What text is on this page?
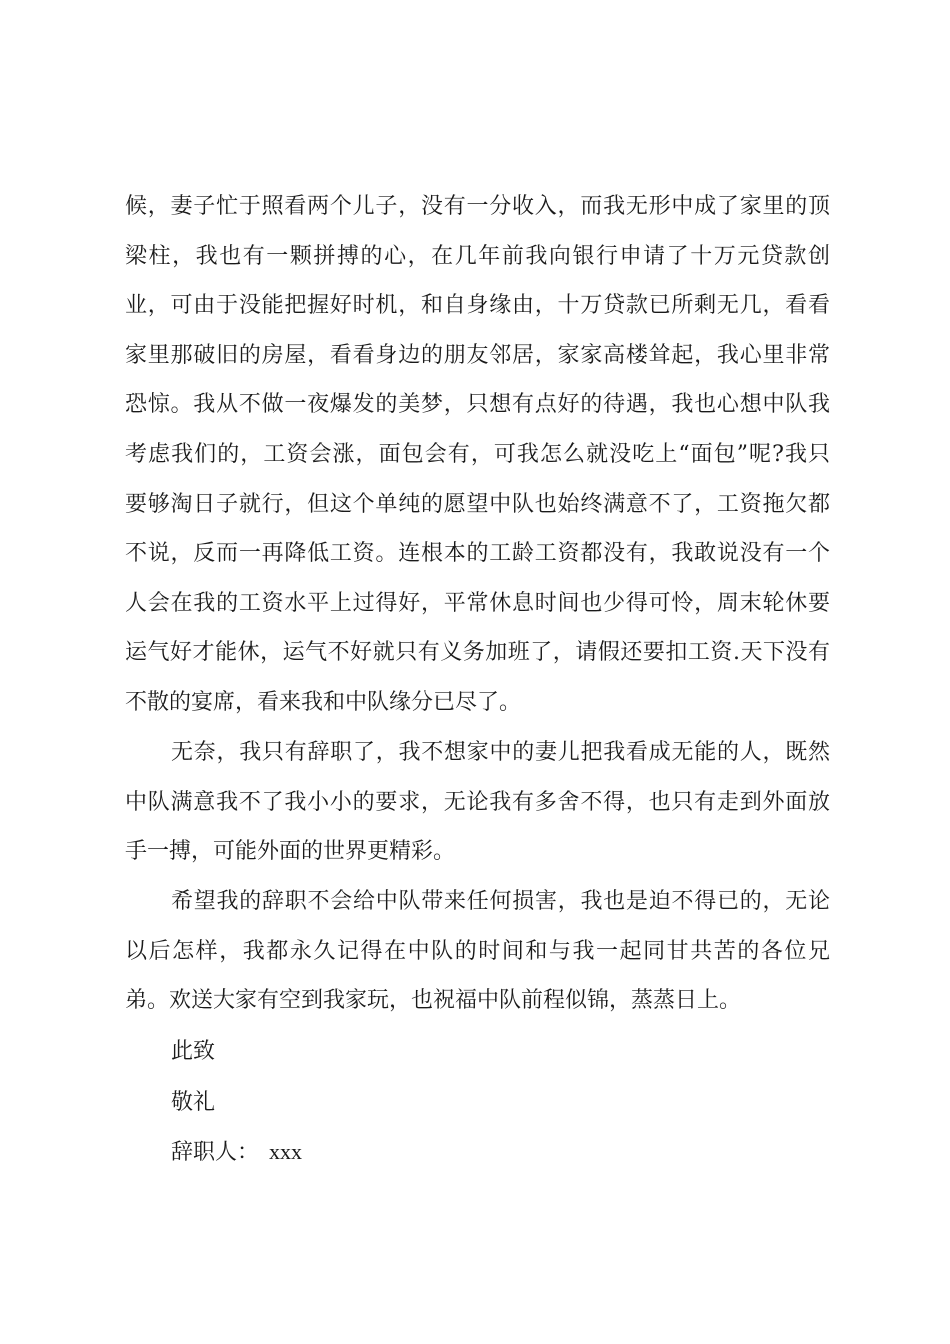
候，妻子忙于照看两个儿子，没有一分收入，而我无形中成了家里的顶
梁柱，我也有一颗拼搏的心，在几年前我向银行申请了十万元贷款创
业，可由于没能把握好时机，和自身缘由，十万贷款已所剩无几，看看
家里那破旧的房屋，看看身边的朋友邻居，家家高楼耸起，我心里非常
恐惊。我从不做一夜爆发的美梦，只想有点好的待遇，我也心想中队我
考虑我们的，工资会涨，面包会有，可我怎么就没吃上“面包”呢?我只
要够淘日子就行，但这个单纯的愿望中队也始终满意不了，工资拖欠都
不说，反而一再降低工资。连根本的工龄工资都没有，我敢说没有一个
人会在我的工资水平上过得好，平常休息时间也少得可怜，周末轮休要
运气好才能休，运气不好就只有义务加班了，请假还要扣工资.天下没有
不散的宴席，看来我和中队缘分已尽了。
无奈，我只有辞职了，我不想家中的妻儿把我看成无能的人，既然
中队满意我不了我小小的要求，无论我有多舍不得，也只有走到外面放
手一搏，可能外面的世界更精彩。
希望我的辞职不会给中队带来任何损害，我也是迫不得已的，无论
以后怎样，我都永久记得在中队的时间和与我一起同甘共苦的各位兄
弟。欢送大家有空到我家玩，也祝福中队前程似锦，蒸蒸日上。
此致
敬礼
辞职人： xxx
